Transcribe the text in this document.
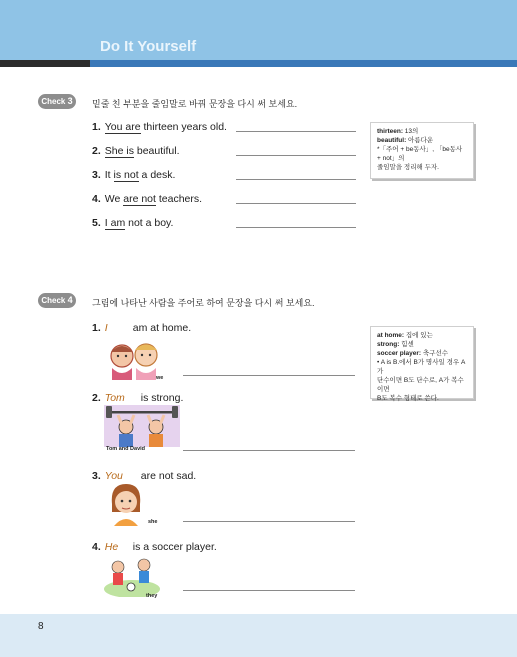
Do It Yourself
Check 3	밑줄 친 부분을 줄임말로 바꿔 문장을 다시 써 보세요.
1. You are thirteen years old.
2. She is beautiful.
3. It is not a desk.
4. We are not teachers.
5. I am not a boy.
thirteen: 13의
beautiful: 아름다운
*「주어 + be동사」, 「be동사 + not」의
줄임말을 정리해 두자.
Check 4	그림에 나타난 사람을 주어로 하여 문장을 다시 써 보세요.
1. I am at home.
we
2. Tom is strong.
Tom and David
3. You are not sad.
she
4. He is a soccer player.
they
at home: 집에 있는
strong: 힘센
soccer player: 축구선수
• A is B.에서 B가 명사일 경우 A가
단수이면 B도 단수로, A가 복수이면
B도 복수 형태로 쓴다.
8
